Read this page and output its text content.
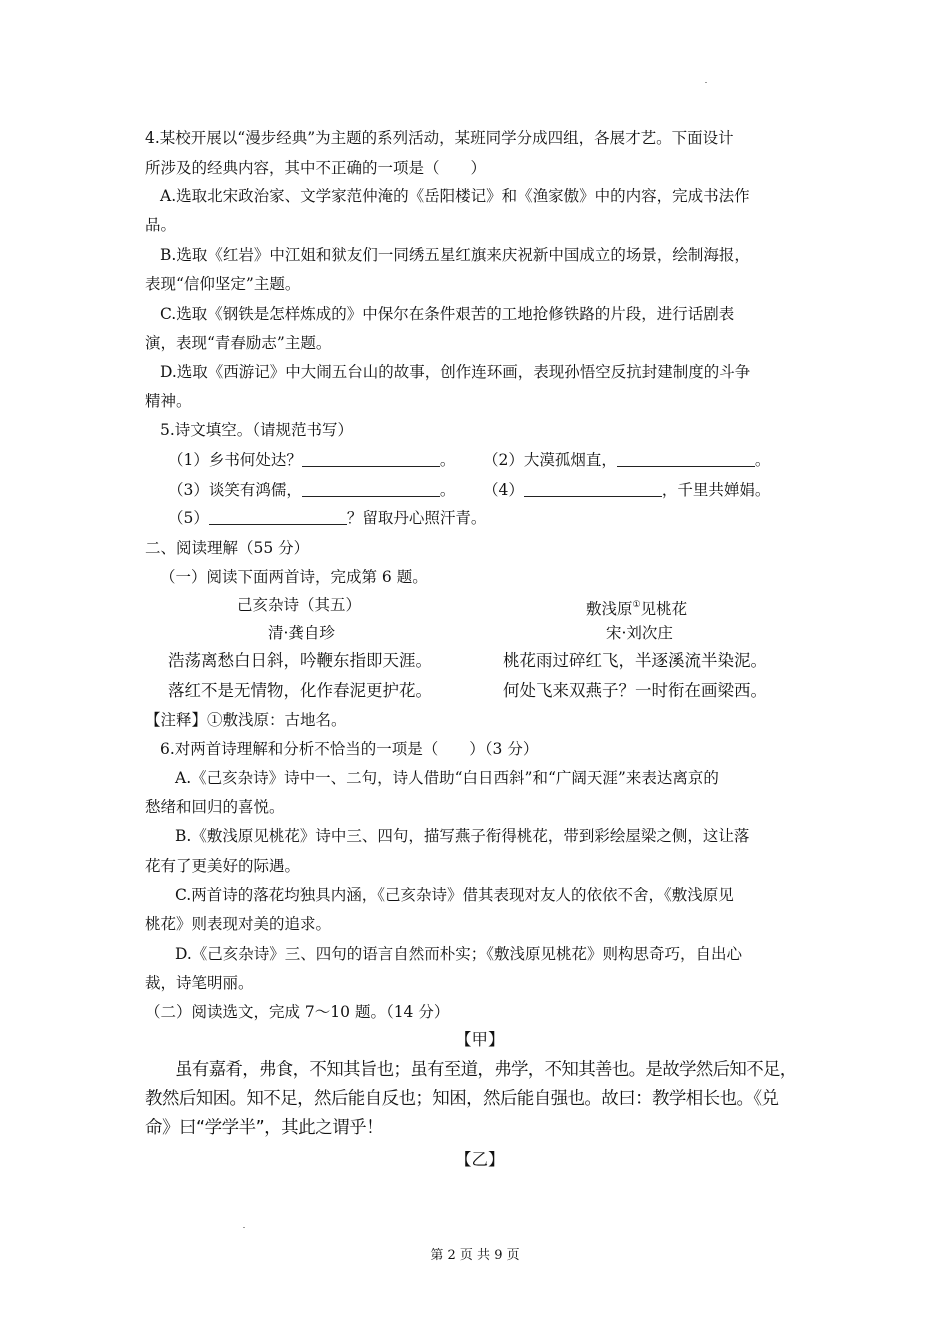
4.某校开展以“漫步经典”为主题的系列活动，某班同学分成四组，各展才艺。下面设计
所涉及的经典内容，其中不正确的一项是（　　）
A.选取北宋政治家、文学家范仲淹的《岳阳楼记》和《渔家傲》中的内容，完成书法作
品。
B.选取《红岩》中江姐和狱友们一同绣五星红旗来庆祝新中国成立的场景，绘制海报，
表现“信仰坚定”主题。
C.选取《钢铁是怎样炼成的》中保尔在条件艰苦的工地抢修铁路的片段，进行话剧表
演，表现“青春励志”主题。
D.选取《西游记》中大闹五台山的故事，创作连环画，表现孙悟空反抗封建制度的斗争
精神。
5.诗文填空。（请规范书写）
（1）乡书何处达？	。 （2）大漠孤烟直，	。
（3）谈笑有鸿儒，	。 （4）	，千里共婵娟。
（5）	？留取丹心照汗青。
二、阅读理解（55 分）
（一）阅读下面两首诗，完成第 6 题。
己亥杂诗（其五）	敷浅原①见桃花
清·龚自珍	宋·刘次庄
浩荡离愁白日斜，吟鞭东指即天涯。	桃花雨过碎红飞，半逐溪流半染泥。
落红不是无情物，化作春泥更护花。	何处飞来双燕子？一时衔在画梁西。
【注释】①敷浅原：古地名。
6.对两首诗理解和分析不恰当的一项是（　　）（3 分）
A.《己亥杂诗》诗中一、二句，诗人借助“白日西斜”和“广阔天涯”来表达离京的
愁绪和回归的喜悦。
B.《敷浅原见桃花》诗中三、四句，描写燕子衔得桃花，带到彩绘屋梁之侧，这让落
花有了更美好的际遇。
C.两首诗的落花均独具内涵，《己亥杂诗》借其表现对友人的依依不舍，《敷浅原见
桃花》则表现对美的追求。
D.《己亥杂诗》三、四句的语言自然而朴实；《敷浅原见桃花》则构思奇巧，自出心
裁，诗笔明丽。
（二）阅读选文，完成 7～10 题。（14 分）
【甲】
虽有嘉肴，弗食，不知其旨也；虽有至道，弗学，不知其善也。是故学然后知不足，
教然后知困。知不足，然后能自反也；知困，然后能自强也。故曰：教学相长也。《兑
命》曰“学学半”，其此之谓乎！
【乙】
第 2 页 共 9 页
